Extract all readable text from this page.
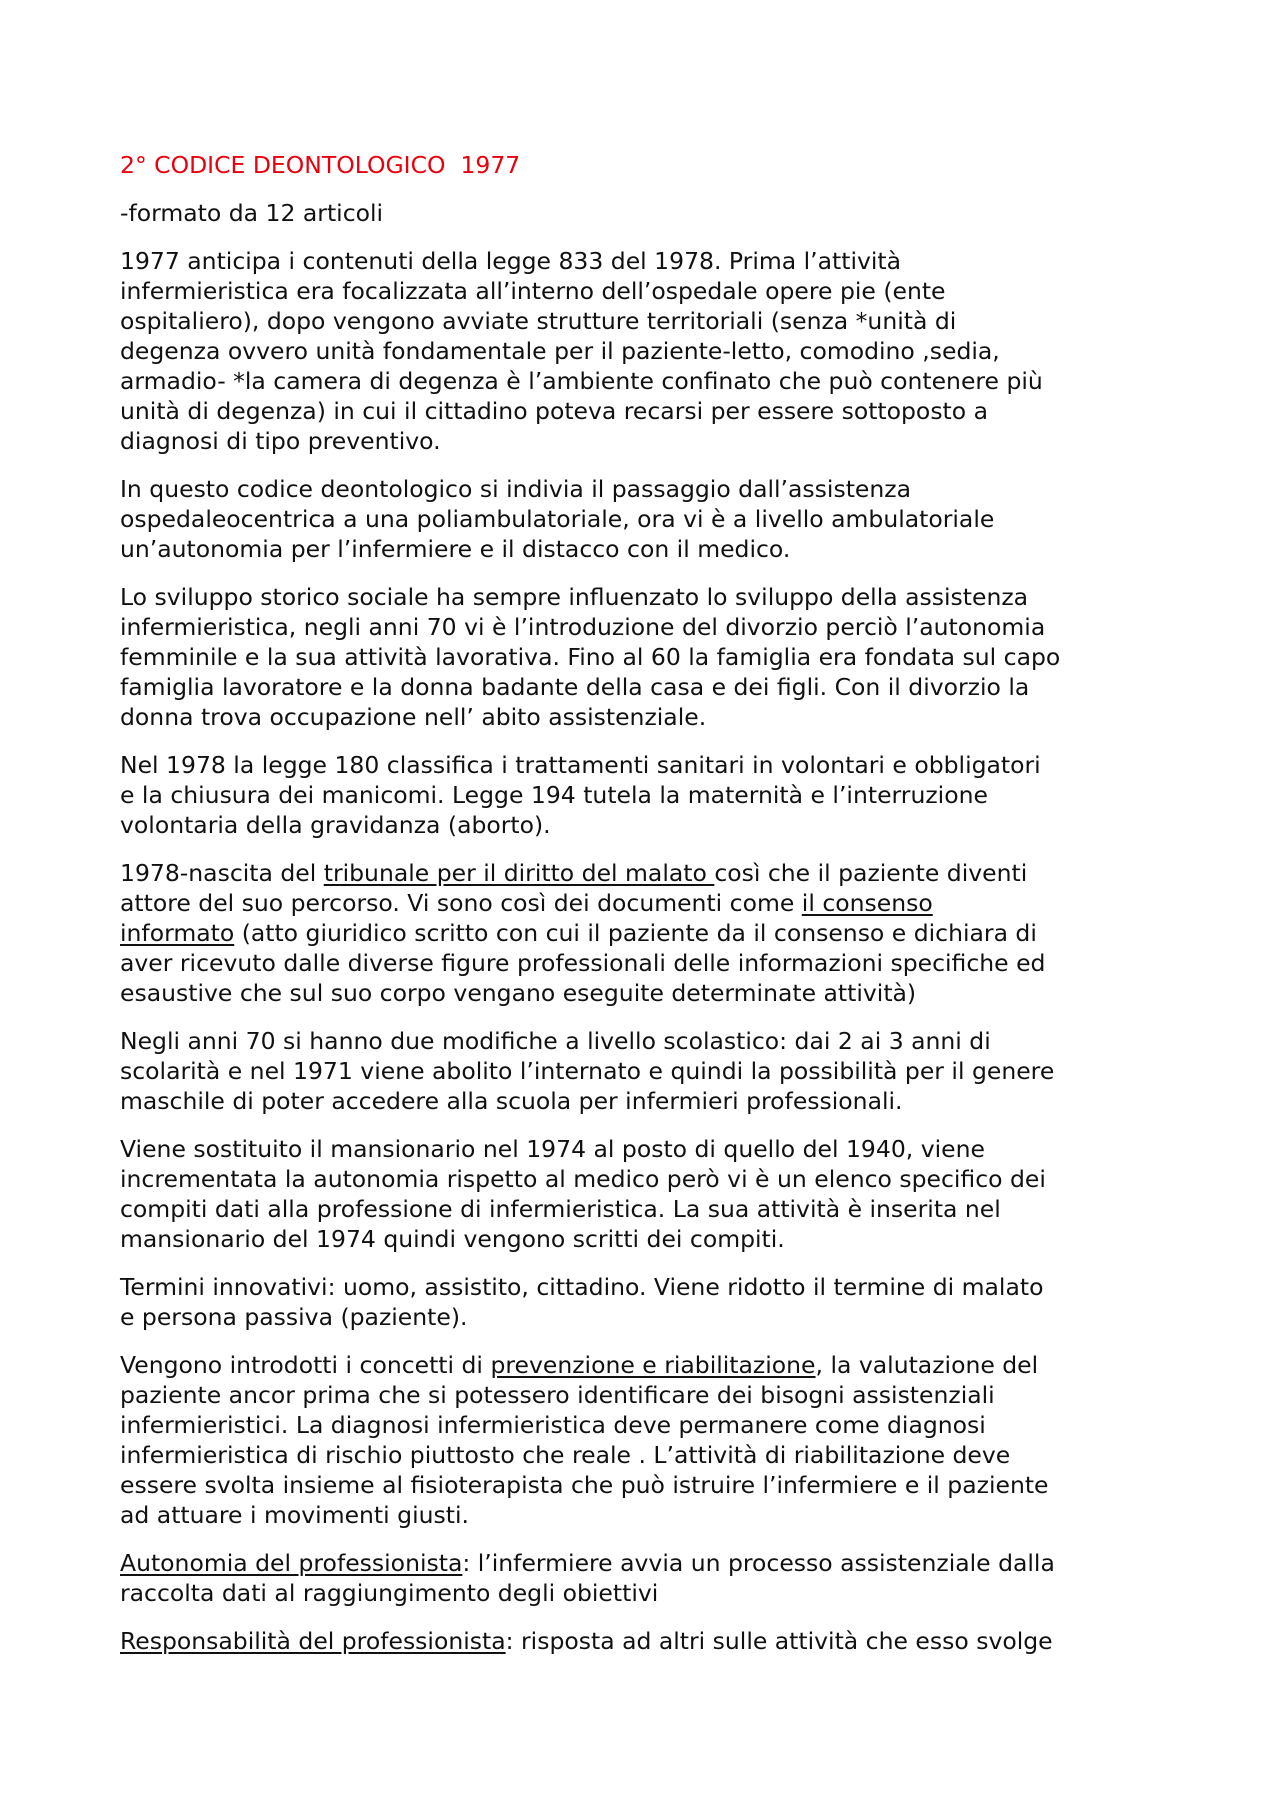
2° CODICE DEONTOLOGICO  1977

-formato da 12 articoli

1977 anticipa i contenuti della legge 833 del 1978. Prima l’attività
infermieristica era focalizzata all’interno dell’ospedale opere pie (ente
ospitaliero), dopo vengono avviate strutture territoriali (senza *unità di
degenza ovvero unità fondamentale per il paziente-letto, comodino ,sedia,
armadio- *la camera di degenza è l’ambiente confinato che può contenere più
unità di degenza) in cui il cittadino poteva recarsi per essere sottoposto a
diagnosi di tipo preventivo.

In questo codice deontologico si indivia il passaggio dall’assistenza
ospedaleocentrica a una poliambulatoriale, ora vi è a livello ambulatoriale
un’autonomia per l’infermiere e il distacco con il medico.

Lo sviluppo storico sociale ha sempre influenzato lo sviluppo della assistenza
infermieristica, negli anni 70 vi è l’introduzione del divorzio perciò l’autonomia
femminile e la sua attività lavorativa. Fino al 60 la famiglia era fondata sul capo
famiglia lavoratore e la donna badante della casa e dei figli. Con il divorzio la
donna trova occupazione nell’ abito assistenziale.

Nel 1978 la legge 180 classifica i trattamenti sanitari in volontari e obbligatori
e la chiusura dei manicomi. Legge 194 tutela la maternità e l’interruzione
volontaria della gravidanza (aborto).

1978-nascita del tribunale per il diritto del malato così che il paziente diventi
attore del suo percorso. Vi sono così dei documenti come il consenso
informato (atto giuridico scritto con cui il paziente da il consenso e dichiara di
aver ricevuto dalle diverse figure professionali delle informazioni specifiche ed
esaustive che sul suo corpo vengano eseguite determinate attività)

Negli anni 70 si hanno due modifiche a livello scolastico: dai 2 ai 3 anni di
scolarità e nel 1971 viene abolito l’internato e quindi la possibilità per il genere
maschile di poter accedere alla scuola per infermieri professionali.

Viene sostituito il mansionario nel 1974 al posto di quello del 1940, viene
incrementata la autonomia rispetto al medico però vi è un elenco specifico dei
compiti dati alla professione di infermieristica. La sua attività è inserita nel
mansionario del 1974 quindi vengono scritti dei compiti.

Termini innovativi: uomo, assistito, cittadino. Viene ridotto il termine di malato
e persona passiva (paziente).

Vengono introdotti i concetti di prevenzione e riabilitazione, la valutazione del
paziente ancor prima che si potessero identificare dei bisogni assistenziali
infermieristici. La diagnosi infermieristica deve permanere come diagnosi
infermieristica di rischio piuttosto che reale . L’attività di riabilitazione deve
essere svolta insieme al fisioterapista che può istruire l’infermiere e il paziente
ad attuare i movimenti giusti.

Autonomia del professionista: l’infermiere avvia un processo assistenziale dalla
raccolta dati al raggiungimento degli obiettivi

Responsabilità del professionista: risposta ad altri sulle attività che esso svolge
